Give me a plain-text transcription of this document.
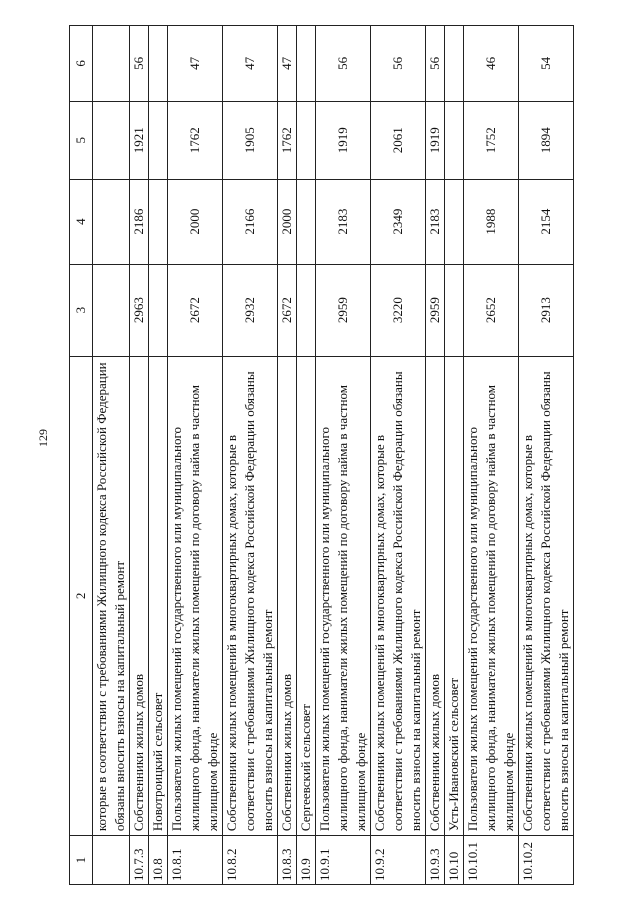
129
1	2	3	4	5	6
	которые в соответствии с требованиями Жилищного кодекса Российской Федерации обязаны вносить взносы на капитальный ремонт				
10.7.3	Собственники жилых домов	2963	2186	1921	56
10.8	Новотроицкий сельсовет				
10.8.1	Пользователи жилых помещений государственного или муниципального жилищного фонда, наниматели жилых помещений по договору найма в частном жилищном фонде	2672	2000	1762	47
10.8.2	Собственники жилых помещений в многоквартирных домах, которые в соответствии с требованиями Жилищного кодекса Российской Федерации обязаны вносить взносы на капитальный ремонт	2932	2166	1905	47
10.8.3	Собственники жилых домов	2672	2000	1762	47
10.9	Сергеевский сельсовет				
10.9.1	Пользователи жилых помещений государственного или муниципального жилищного фонда, наниматели жилых помещений по договору найма в частном жилищном фонде	2959	2183	1919	56
10.9.2	Собственники жилых помещений в многоквартирных домах, которые в соответствии с требованиями Жилищного кодекса Российской Федерации обязаны вносить взносы на капитальный ремонт	3220	2349	2061	56
10.9.3	Собственники жилых домов	2959	2183	1919	56
10.10	Усть-Ивановский сельсовет				
10.10.1	Пользователи жилых помещений государственного или муниципального жилищного фонда, наниматели жилых помещений по договору найма в частном жилищном фонде	2652	1988	1752	46
10.10.2	Собственники жилых помещений в многоквартирных домах, которые в соответствии с требованиями Жилищного кодекса Российской Федерации обязаны вносить взносы на капитальный ремонт	2913	2154	1894	54
